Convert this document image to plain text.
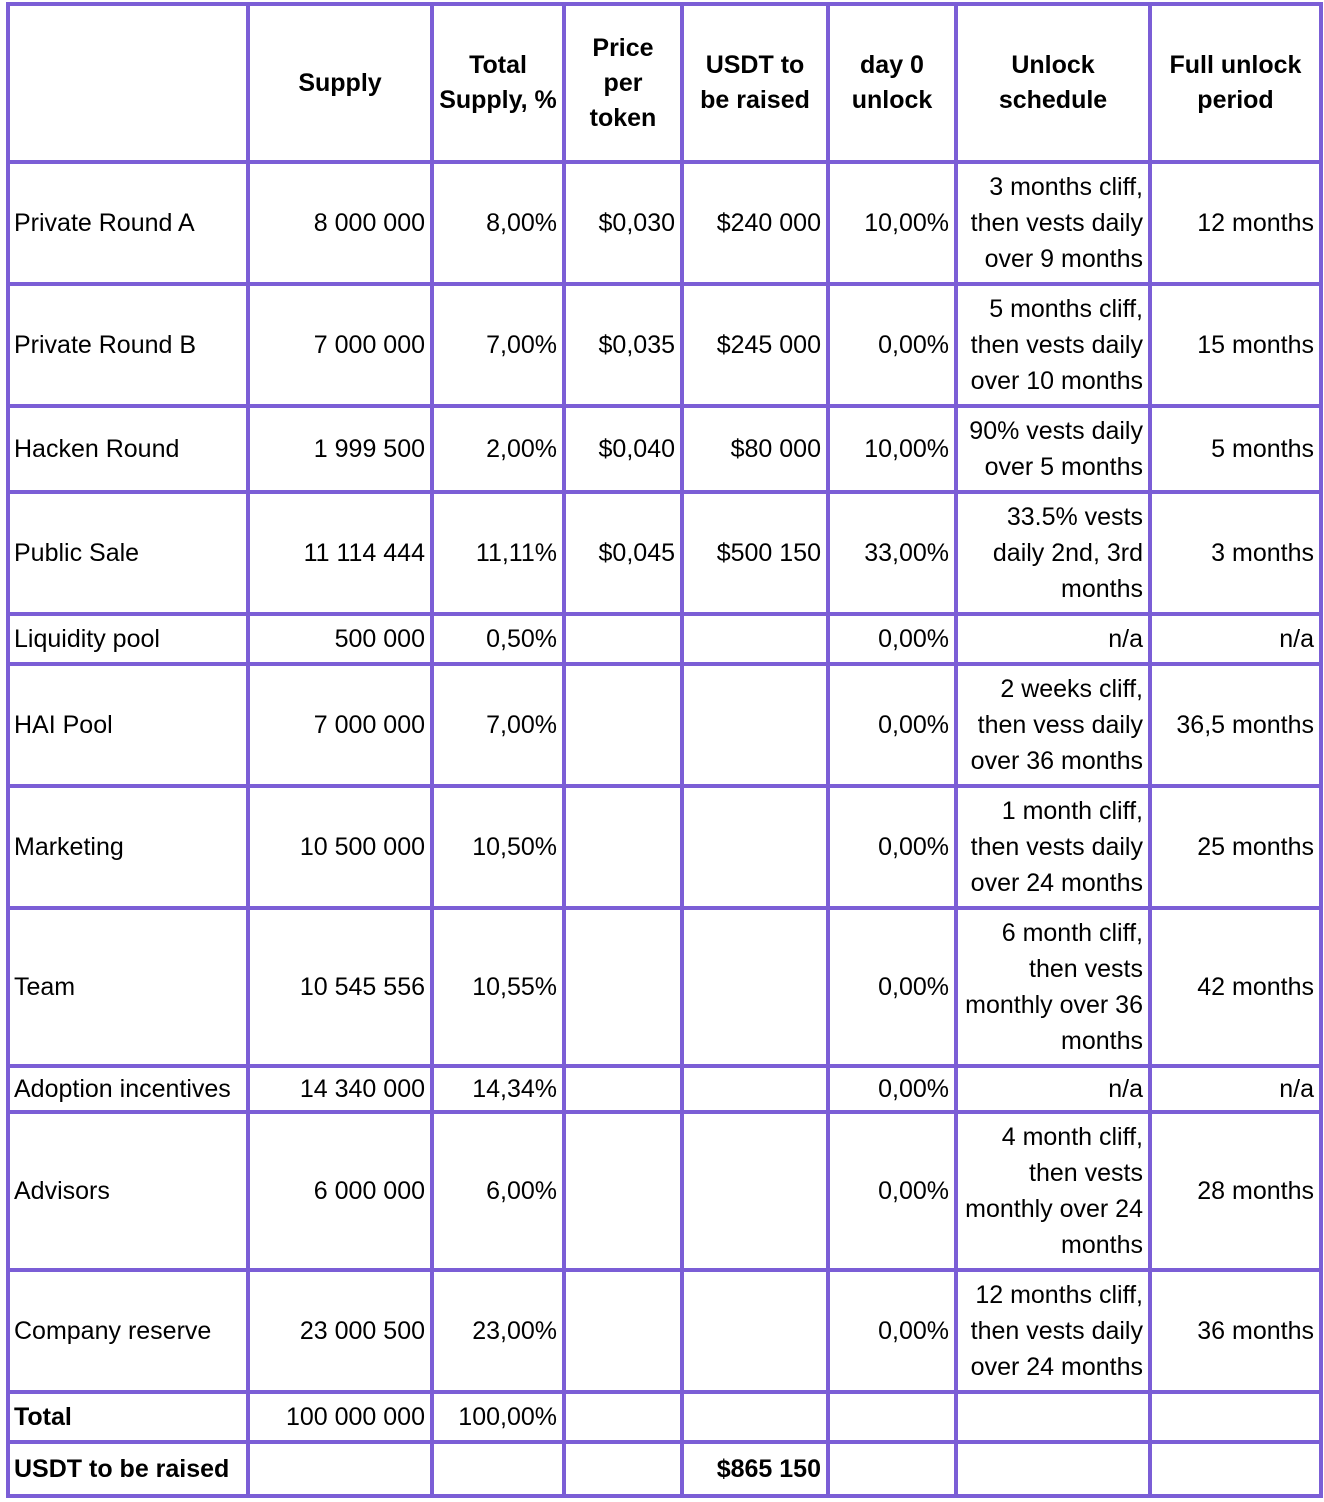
	Supply	Total Supply, %	Price per token	USDT to be raised	day 0 unlock	Unlock schedule	Full unlock period
Private Round A	8 000 000	8,00%	$0,030	$240 000	10,00%	3 months cliff, then vests daily over 9 months	12 months
Private Round B	7 000 000	7,00%	$0,035	$245 000	0,00%	5 months cliff, then vests daily over 10 months	15 months
Hacken Round	1 999 500	2,00%	$0,040	$80 000	10,00%	90% vests daily over 5 months	5 months
Public Sale	11 114 444	11,11%	$0,045	$500 150	33,00%	33.5% vests daily 2nd, 3rd months	3 months
Liquidity pool	500 000	0,50%			0,00%	n/a	n/a
HAI Pool	7 000 000	7,00%			0,00%	2 weeks cliff, then vess daily over 36 months	36,5 months
Marketing	10 500 000	10,50%			0,00%	1 month cliff, then vests daily over 24 months	25 months
Team	10 545 556	10,55%			0,00%	6 month cliff, then vests monthly over 36 months	42 months
Adoption incentives	14 340 000	14,34%			0,00%	n/a	n/a
Advisors	6 000 000	6,00%			0,00%	4 month cliff, then vests monthly over 24 months	28 months
Company reserve	23 000 500	23,00%			0,00%	12 months cliff, then vests daily over 24 months	36 months
Total	100 000 000	100,00%					
USDT to be raised				$865 150			
